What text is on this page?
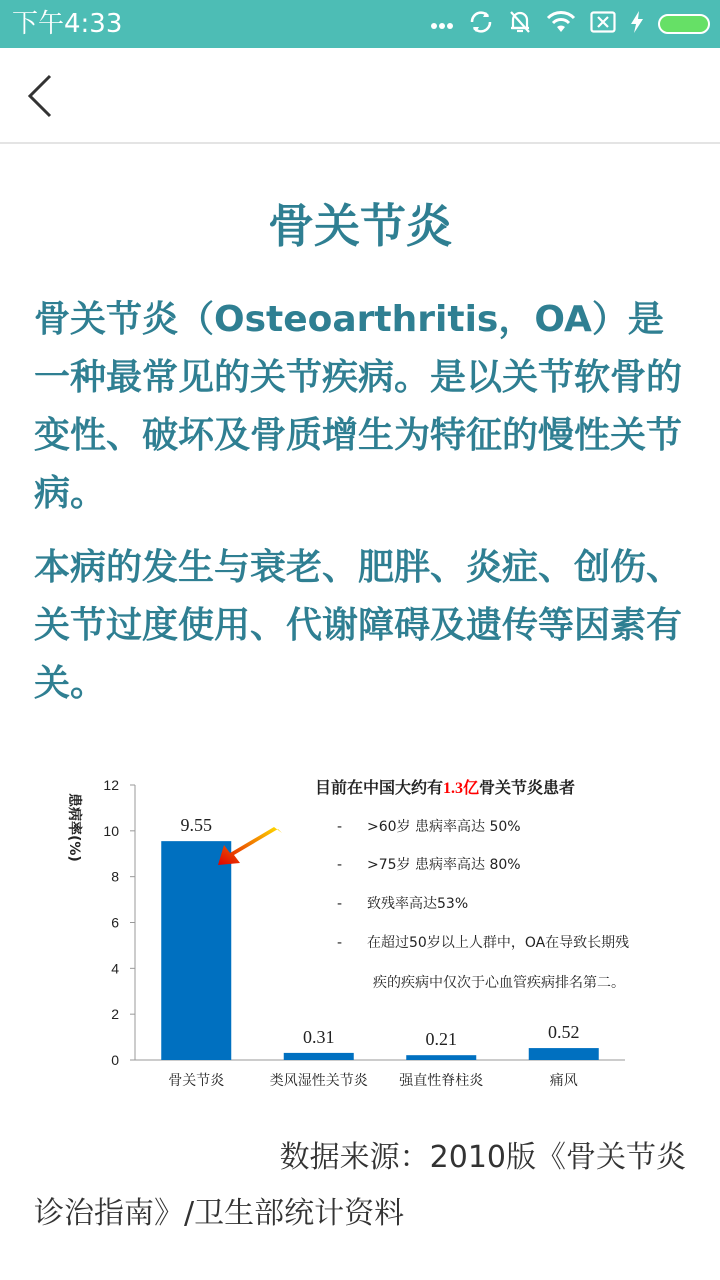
下午4:33
骨关节炎
骨关节炎（Osteoarthritis，OA）是一种最常见的关节疾病。是以关节软骨的变性、破坏及骨质增生为特征的慢性关节病。
本病的发生与衰老、肥胖、炎症、创伤、关节过度使用、代谢障碍及遗传等因素有关。
0
2
4
6
8
10
12
患病率(%)	9.55
骨关节炎
0.31
类风湿性关节炎
0.21
强直性脊柱炎
0.52
痛风
目前在中国大约有1.3亿骨关节炎患者
- >60岁 患病率高达 50%
- >75岁 患病率高达 80%
- 致残率高达53%
- 在超过50岁以上人群中，OA在导致长期残
疾的疾病中仅次于心血管疾病排名第二。
数据来源：2010版《骨关节炎
诊治指南》/卫生部统计资料
